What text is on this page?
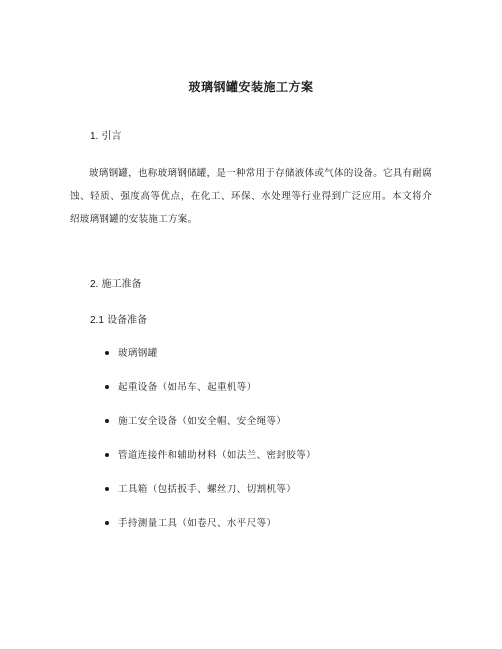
玻璃钢罐安装施工方案
1. 引言
玻璃钢罐，也称玻璃钢储罐，是一种常用于存储液体或气体的设备。它具有耐腐蚀、轻质、强度高等优点，在化工、环保、水处理等行业得到广泛应用。本文将介绍玻璃钢罐的安装施工方案。
2. 施工准备
2.1 设备准备
玻璃钢罐
起重设备（如吊车、起重机等）
施工安全设备（如安全帽、安全绳等）
管道连接件和辅助材料（如法兰、密封胶等）
工具箱（包括扳手、螺丝刀、切割机等）
手持测量工具（如卷尺、水平尺等）
